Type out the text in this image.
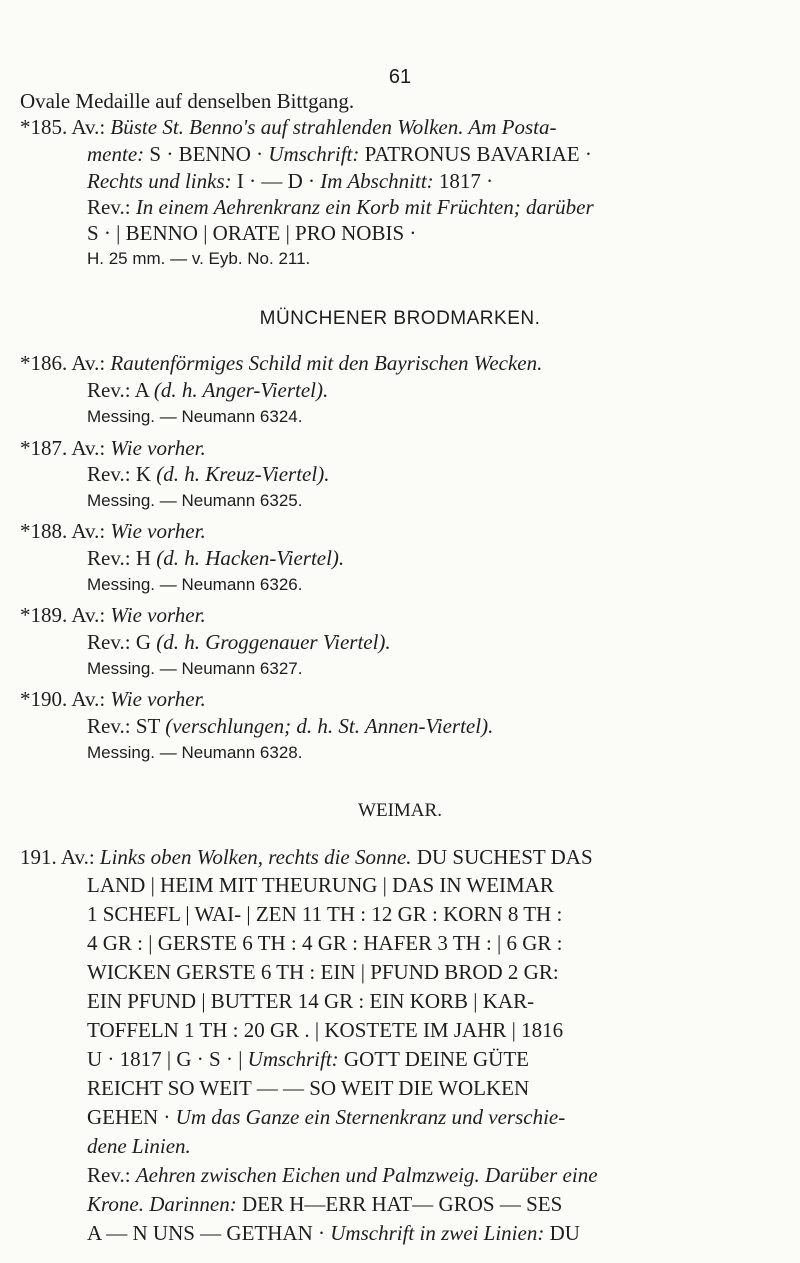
61
Ovale Medaille auf denselben Bittgang.
*185. Av.: Büste St. Benno's auf strahlenden Wolken. Am Posta-
mente: S · BENNO · Umschrift: PATRONUS BAVARIAE ·
Rechts und links: I · — D · Im Abschnitt: 1817 ·
Rev.: In einem Aehrenkranz ein Korb mit Früchten; darüber
S · | BENNO | ORATE | PRO NOBIS ·
H. 25 mm. — v. Eyb. No. 211.
MÜNCHENER BRODMARKEN.
*186. Av.: Rautenförmiges Schild mit den Bayrischen Wecken.
Rev.: A (d. h. Anger-Viertel).
Messing. — Neumann 6324.
*187. Av.: Wie vorher.
Rev.: K (d. h. Kreuz-Viertel).
Messing. — Neumann 6325.
*188. Av.: Wie vorher.
Rev.: H (d. h. Hacken-Viertel).
Messing. — Neumann 6326.
*189. Av.: Wie vorher.
Rev.: G (d. h. Groggenauer Viertel).
Messing. — Neumann 6327.
*190. Av.: Wie vorher.
Rev.: ST (verschlungen; d. h. St. Annen-Viertel).
Messing. — Neumann 6328.
WEIMAR.
191. Av.: Links oben Wolken, rechts die Sonne. DU SUCHEST DAS
LAND | HEIM MIT THEURUNG | DAS IN WEIMAR
1 SCHEFL | WAI- | ZEN 11 TH : 12 GR : KORN 8 TH :
4 GR : | GERSTE 6 TH : 4 GR : HAFER 3 TH : | 6 GR :
WICKEN GERSTE 6 TH : EIN | PFUND BROD 2 GR:
EIN PFUND | BUTTER 14 GR : EIN KORB | KAR-
TOFFELN 1 TH : 20 GR . | KOSTETE IM JAHR | 1816
U · 1817 | G · S · | Umschrift: GOTT DEINE GÜTE
REICHT SO WEIT — — SO WEIT DIE WOLKEN
GEHEN · Um das Ganze ein Sternenkranz und verschie-
dene Linien.
Rev.: Aehren zwischen Eichen und Palmzweig. Darüber eine
Krone. Darinnen: DER H—ERR HAT— GROS — SES
A — N UNS — GETHAN · Umschrift in zwei Linien: DU
